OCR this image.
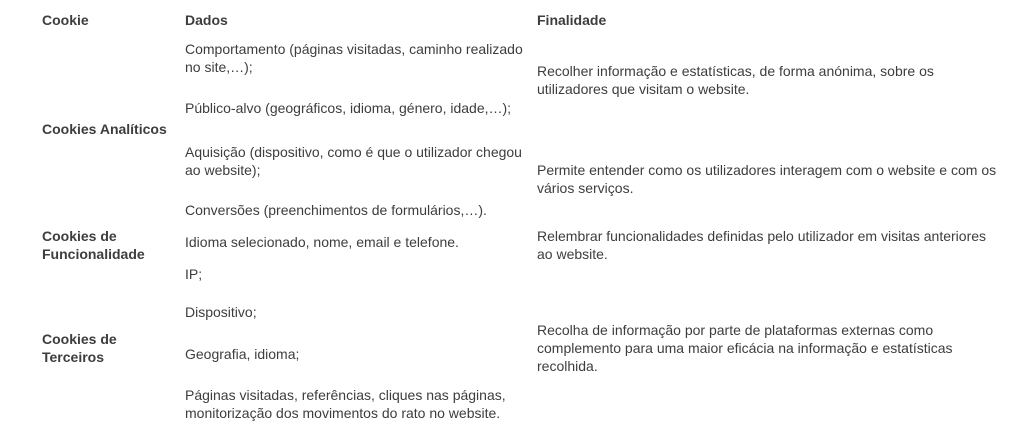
Cookie	Dados	Finalidade

Cookies Analíticos	Comportamento (páginas visitadas, caminho realizado no site,…);	Recolher informação e estatísticas, de forma anónima, sobre os utilizadores que visitam o website.

	Público-alvo (geográficos, idioma, género, idade,…);	

	Aquisição (dispositivo, como é que o utilizador chegou ao website);	Permite entender como os utilizadores interagem com o website e com os vários serviços.

	Conversões (preenchimentos de formulários,…).	

Cookies de Funcionalidade	Idioma selecionado, nome, email e telefone.	Relembrar funcionalidades definidas pelo utilizador em visitas anteriores ao website.

	IP;	

Cookies de Terceiros	Dispositivo;	Recolha de informação por parte de plataformas externas como complemento para uma maior eficácia na informação e estatísticas recolhida.

	Geografia, idioma;	

	Páginas visitadas, referências, cliques nas páginas, monitorização dos movimentos do rato no website.	
